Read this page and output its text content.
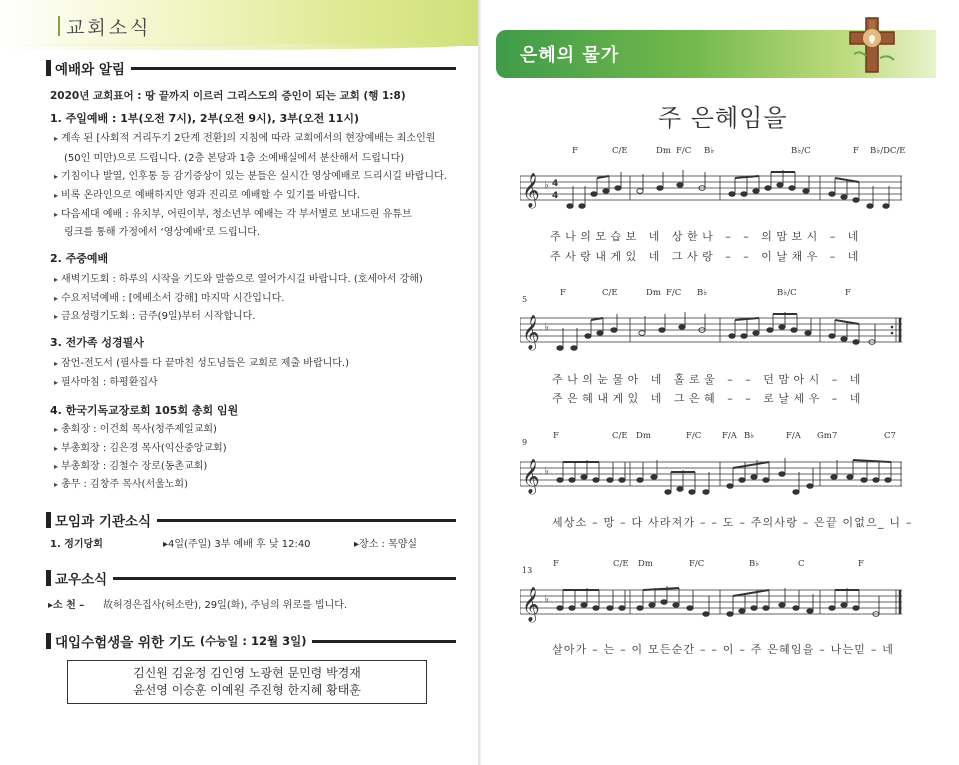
교회소식
예배와 알림
2020년 교회표어 : 땅 끝까지 이르러 그리스도의 증인이 되는 교회 (행 1:8)
1. 주일예배 : 1부(오전 7시), 2부(오전 9시), 3부(오전 11시)
▸ 계속 된 [사회적 거리두기 2단계 전환]의 지침에 따라 교회에서의 현장예배는 최소인원
(50인 미만)으로 드립니다. (2층 본당과 1층 소예배실에서 분산해서 드립니다)
▸ 기침이나 발열, 인후통 등 감기증상이 있는 분들은 실시간 영상예배로 드리시길 바랍니다.
▸ 비록 온라인으로 예배하지만 영과 진리로 예배할 수 있기를 바랍니다.
▸ 다음세대 예배 : 유치부, 어린이부, 청소년부 예배는 각 부서별로 보내드린 유튜브
링크를 통해 가정에서 ‘영상예배’로 드립니다.
2. 주중예배
▸ 새벽기도회 : 하루의 시작을 기도와 말씀으로 열어가시길 바랍니다. (호세아서 강해)
▸ 수요저녁예배 : [에베소서 강해] 마지막 시간입니다.
▸ 금요성령기도회 : 금주(9일)부터 시작합니다.
3. 전가족 성경필사
▸ 잠언-전도서 (필사를 다 끝마친 성도님들은 교회로 제출 바랍니다.)
▸ 필사마침 : 하평환집사
4. 한국기독교장로회 105회 총회 임원
▸ 총회장 : 이건희 목사(청주제일교회)
▸ 부총회장 : 김은경 목사(익산중앙교회)
▸ 부총회장 : 김철수 장로(동촌교회)
▸ 총무 : 김창주 목사(서울노회)
모임과 기관소식
1. 정기당회	▸4일(주일) 3부 예배 후 낮 12:40	▸장소 : 목양실
교우소식
▸소 천 – 故허경은집사(허소란), 29일(화), 주님의 위로를 빕니다.
대입수험생을 위한 기도 (수능일 : 12월 3일)
김신원 김윤정 김인영 노광현 문민령 박경재
윤선영 이승훈 이예원 주진형 한지혜 황태훈
은혜의 물가
주 은혜임을
F	C/E	Dm F/C B♭	B♭/C	F B♭/DC/E
𝄞 ♭ 4
4
주나의모습보 네 상한나 – – 의맘보시 – 네
주사랑내게있 네 그사랑 – – 이날채우 – 네
5
F	C/E	Dm F/C B♭	B♭/C	F
𝄞 ♭
주나의눈물아 네 홀로울 – – 던맘아시 – 네
주은혜내게있 네 그은혜 – – 로날세우 – 네
9
F	C/E Dm	F/C F/A B♭	F/A Gm7	C7
𝄞 ♭
세상소 – 망 – 다 사라져가 – – 도 – 주의사랑 – 은끝 이없으_ 니 –
13
F	C/E Dm	F/C	B♭	C	F
𝄞 ♭
살아가 – 는 – 이 모든순간 – – 이 – 주 은혜임을 – 나는믿 – 네
